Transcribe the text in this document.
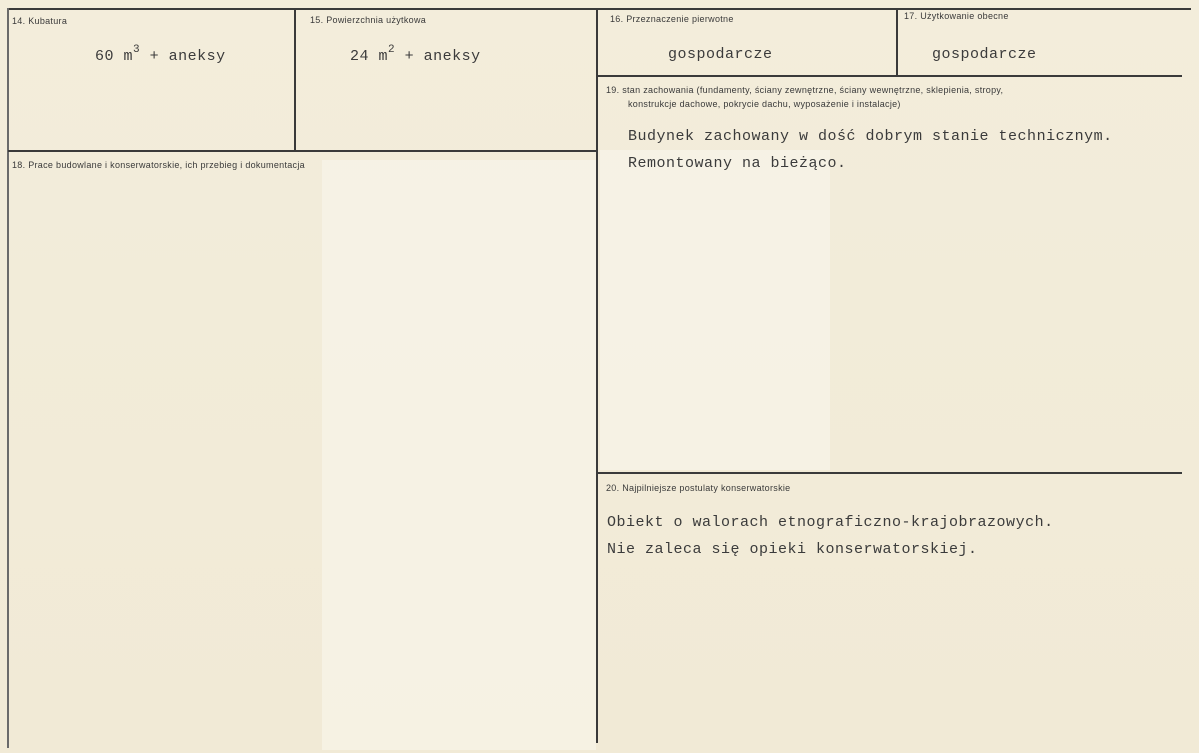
14. Kubatura
60 $m^3$ + aneksy
15. Powierzchnia użytkowa
24 $m^2$ + aneksy
16. Przeznaczenie pierwotne
gospodarcze
17. Użytkowanie obecne
gospodarcze
18. Prace budowlane i konserwatorskie, ich przebieg i dokumentacja
19. stan zachowania (fundamenty, ściany zewnętrzne, ściany wewnętrzne, sklepienia, stropy,
konstrukcje dachowe, pokrycie dachu, wyposażenie i instalacje)
Budynek zachowany w dość dobrym stanie technicznym.
Remontowany na bieżąco.
20. Najpilniejsze postulaty konserwatorskie
Obiekt o walorach etnograficzno-krajobrazowych.
Nie zaleca się opieki konserwatorskiej.
